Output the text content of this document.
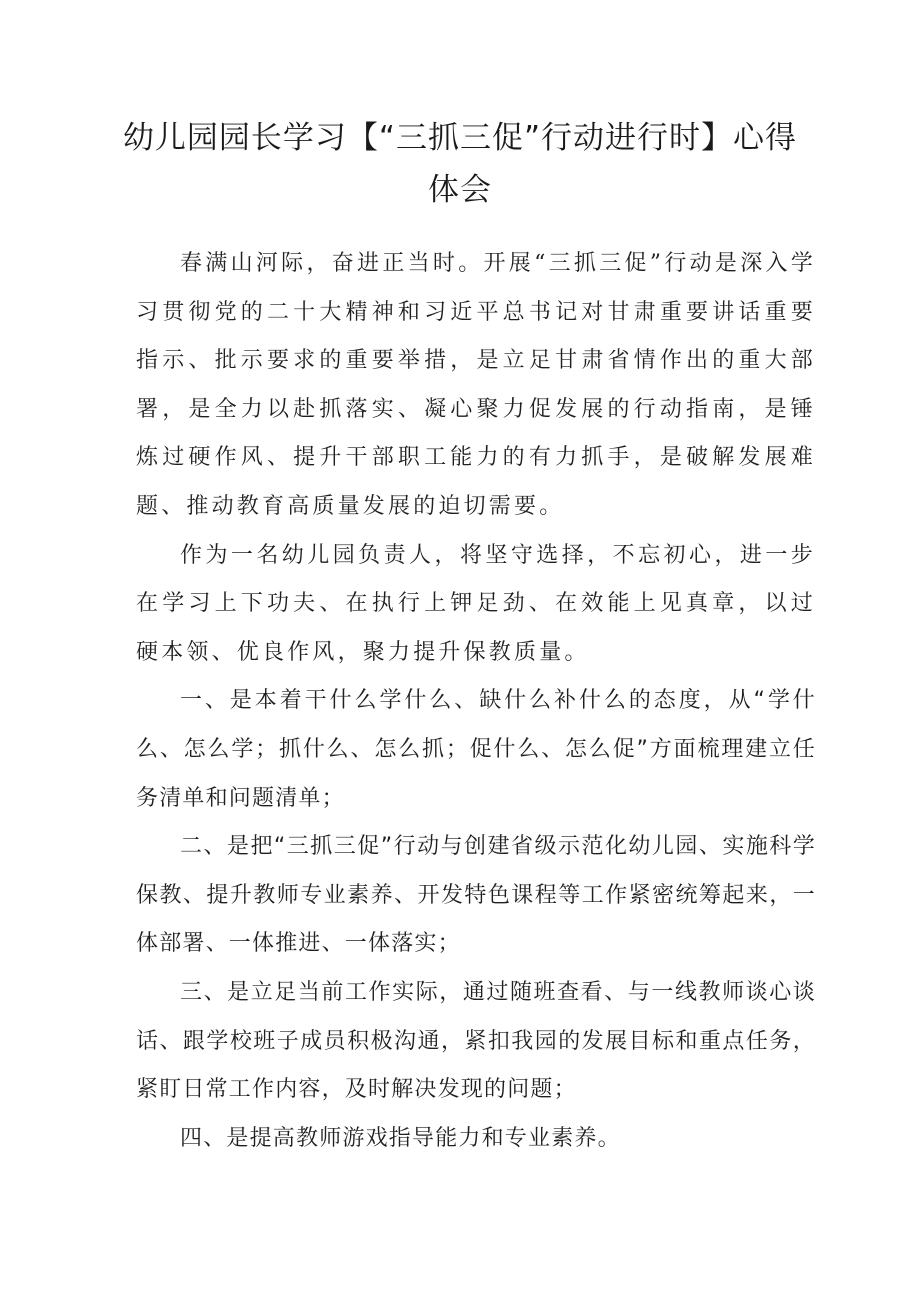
幼儿园园长学习【“三抓三促”行动进行时】心得体会

春满山河际，奋进正当时。开展“三抓三促”行动是深入学习贯彻党的二十大精神和习近平总书记对甘肃重要讲话重要指示、批示要求的重要举措，是立足甘肃省情作出的重大部署，是全力以赴抓落实、凝心聚力促发展的行动指南，是锤炼过硬作风、提升干部职工能力的有力抓手，是破解发展难题、推动教育高质量发展的迫切需要。

作为一名幼儿园负责人，将坚守选择，不忘初心，进一步在学习上下功夫、在执行上钾足劲、在效能上见真章，以过硬本领、优良作风，聚力提升保教质量。

一、是本着干什么学什么、缺什么补什么的态度，从“学什么、怎么学；抓什么、怎么抓；促什么、怎么促”方面梳理建立任务清单和问题清单；

二、是把“三抓三促”行动与创建省级示范化幼儿园、实施科学保教、提升教师专业素养、开发特色课程等工作紧密统筹起来，一体部署、一体推进、一体落实；

三、是立足当前工作实际，通过随班查看、与一线教师谈心谈话、跟学校班子成员积极沟通，紧扣我园的发展目标和重点任务，紧盯日常工作内容，及时解决发现的问题；

四、是提高教师游戏指导能力和专业素养。
